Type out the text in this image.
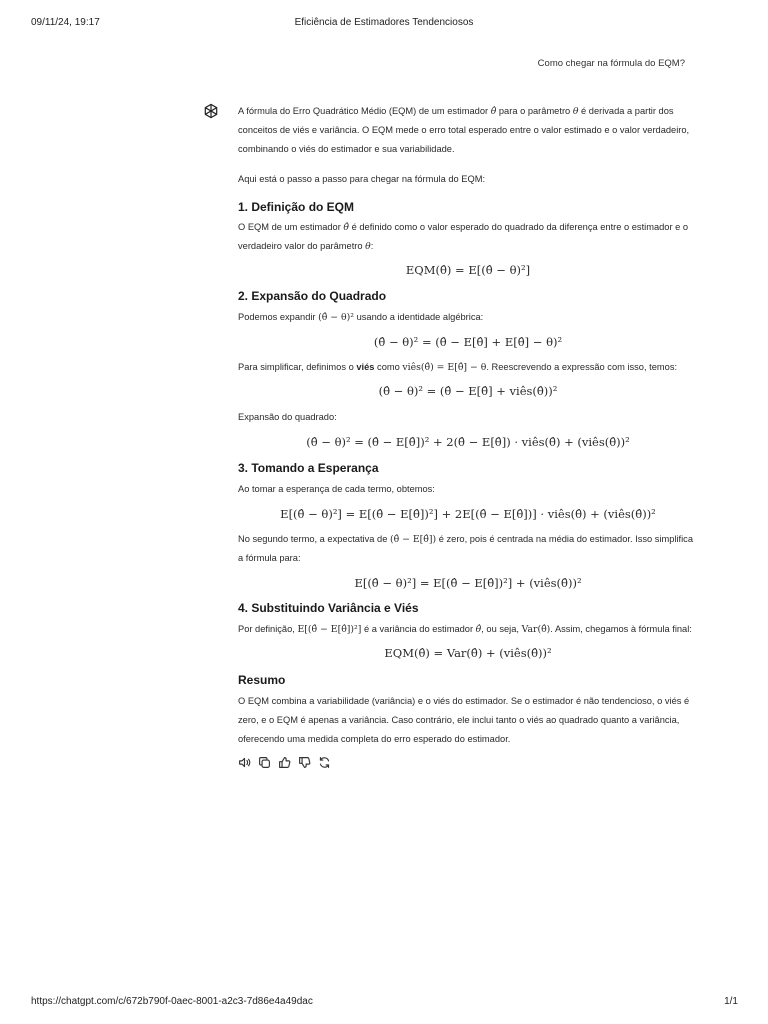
09/11/24, 19:17	Eficiência de Estimadores Tendenciosos
Como chegar na fórmula do EQM?

A fórmula do Erro Quadrático Médio (EQM) de um estimador θ̂ para o parâmetro θ é derivada a partir dos conceitos de viés e variância. O EQM mede o erro total esperado entre o valor estimado e o valor verdadeiro, combinando o viés do estimador e sua variabilidade.

Aqui está o passo a passo para chegar na fórmula do EQM:

1. Definição do EQM

O EQM de um estimador θ̂ é definido como o valor esperado do quadrado da diferença entre o estimador e o verdadeiro valor do parâmetro θ:

EQM(θ̂) = E[(θ̂ − θ)²]
2. Expansão do Quadrado

Podemos expandir (θ̂ − θ)² usando a identidade algébrica:

(θ̂ − θ)² = (θ̂ − E[θ̂] + E[θ̂] − θ)²

Para simplificar, definimos o viés como viês(θ̂) = E[θ̂] − θ. Reescrevendo a expressão com isso, temos:

(θ̂ − θ)² = (θ̂ − E[θ̂] + viês(θ̂))²

Expansão do quadrado:

(θ̂ − θ)² = (θ̂ − E[θ̂])² + 2(θ̂ − E[θ̂]) · viês(θ̂) + (viês(θ̂))²
3. Tomando a Esperança

Ao tomar a esperança de cada termo, obtemos:

E[(θ̂ − θ)²] = E[(θ̂ − E[θ̂])²] + 2E[(θ̂ − E[θ̂])] · viês(θ̂) + (viês(θ̂))²

No segundo termo, a expectativa de (θ̂ − E[θ̂]) é zero, pois é centrada na média do estimador. Isso simplifica a fórmula para:

E[(θ̂ − θ)²] = E[(θ̂ − E[θ̂])²] + (viês(θ̂))²
4. Substituindo Variância e Viés

Por definição, E[(θ̂ − E[θ̂])²] é a variância do estimador θ̂, ou seja, Var(θ̂). Assim, chegamos à fórmula final:

EQM(θ̂) = Var(θ̂) + (viês(θ̂))²
Resumo

O EQM combina a variabilidade (variância) e o viés do estimador. Se o estimador é não tendencioso, o viés é zero, e o EQM é apenas a variância. Caso contrário, ele inclui tanto o viés ao quadrado quanto a variância, oferecendo uma medida completa do erro esperado do estimador.

https://chatgpt.com/c/672b790f-0aec-8001-a2c3-7d86e4a49dac	1/1
